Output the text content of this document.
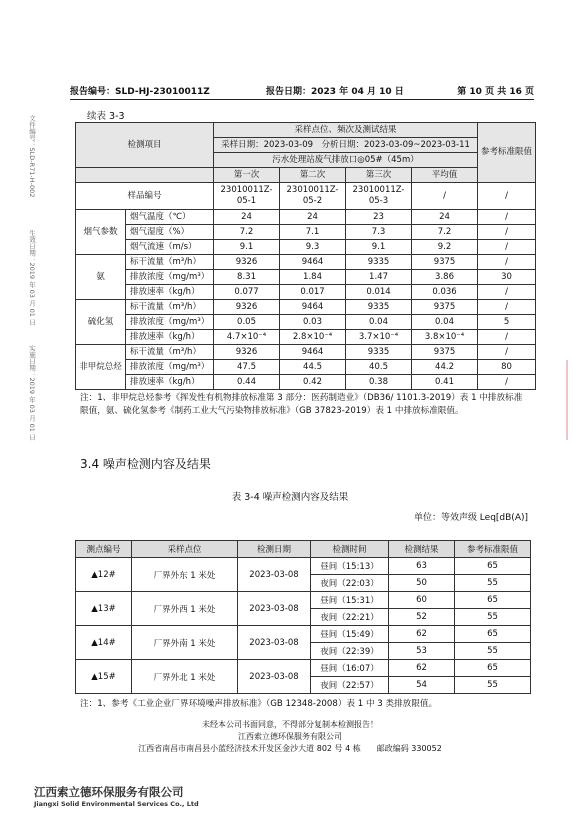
报告编号：SLD-HJ-23010011Z	报告日期：2023 年 04 月 10 日	第 10 页 共 16 页
文件编号：SLD-R71-H-002
生效日期：2019 年 03 月 01 日
实施日期：2019 年 03 月 01 日
续表 3-3
检测项目		采样点位、频次及测试结果				参考标准限值
		采样日期：2023-03-09　分析日期：2023-03-09~2023-03-11				
		污水处理站废气排放口◎05#（45m）				
		第一次	第二次	第三次	平均值	
样品编号		23010011Z-05-1	23010011Z-05-2	23010011Z-05-3	/	/
烟气参数	烟气温度（℃）	24	24	23	24	/
	烟气湿度（%）	7.2	7.1	7.3	7.2	/
	烟气流速（m/s）	9.1	9.3	9.1	9.2	/
氨	标干流量（m³/h）	9326	9464	9335	9375	/
	排放浓度（mg/m³）	8.31	1.84	1.47	3.86	30
	排放速率（kg/h）	0.077	0.017	0.014	0.036	/
硫化氢	标干流量（m³/h）	9326	9464	9335	9375	/
	排放浓度（mg/m³）	0.05	0.03	0.04	0.04	5
	排放速率（kg/h）	4.7×10⁻⁴	2.8×10⁻⁴	3.7×10⁻⁴	3.8×10⁻⁴	/
非甲烷总烃	标干流量（m³/h）	9326	9464	9335	9375	/
	排放浓度（mg/m³）	47.5	44.5	40.5	44.2	80
	排放速率（kg/h）	0.44	0.42	0.38	0.41	/
注：1、非甲烷总烃参考《挥发性有机物排放标准第 3 部分：医药制造业》（DB36/ 1101.3-2019）表 1 中排放标准限值，氨、硫化氢参考《制药工业大气污染物排放标准》（GB 37823-2019）表 1 中排放标准限值。
3.4 噪声检测内容及结果
表 3-4 噪声检测内容及结果
单位：等效声级 Leq[dB(A)]
测点编号	采样点位	检测日期	检测时间	检测结果	参考标准限值
▲12#	厂界外东 1 米处	2023-03-08	昼间（15:13）	63	65
			夜间（22:03）	50	55
▲13#	厂界外西 1 米处	2023-03-08	昼间（15:31）	60	65
			夜间（22:21）	52	55
▲14#	厂界外南 1 米处	2023-03-08	昼间（15:49）	62	65
			夜间（22:39）	53	55
▲15#	厂界外北 1 米处	2023-03-08	昼间（16:07）	62	65
			夜间（22:57）	54	55
注：1、参考《工业企业厂界环境噪声排放标准》（GB 12348-2008）表 1 中 3 类排放限值。
未经本公司书面同意，不得部分复制本检测报告！
江西索立德环保服务有限公司
江西省南昌市南昌县小蓝经济技术开发区金沙大道 802 号 4 栋　　邮政编码 330052
江西索立德环保服务有限公司
Jiangxi Solid Environmental Services Co., Ltd
